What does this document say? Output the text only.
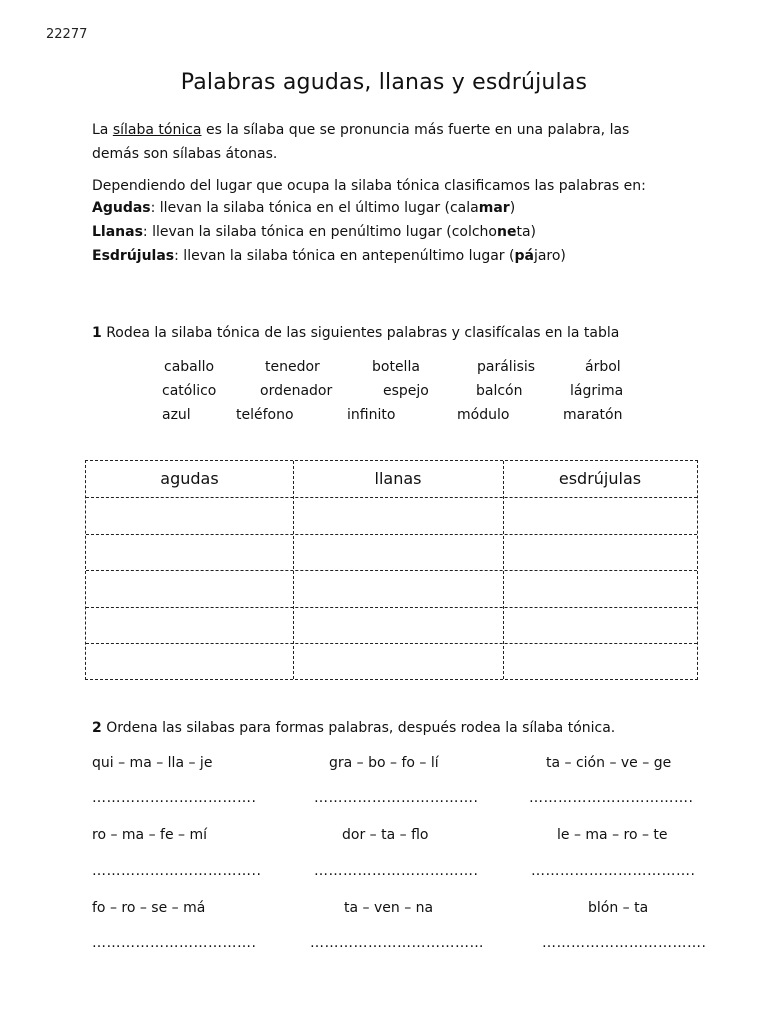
22277
Palabras agudas, llanas y esdrújulas
La sílaba tónica es la sílaba que se pronuncia más fuerte en una palabra, las
demás son sílabas átonas.
Dependiendo del lugar que ocupa la silaba tónica clasificamos las palabras en:
Agudas: llevan la silaba tónica en el último lugar (calamar)
Llanas: llevan la silaba tónica en penúltimo lugar (colchoneta)
Esdrújulas: llevan la silaba tónica en antepenúltimo lugar (pájaro)
1 Rodea la silaba tónica de las siguientes palabras y clasifícalas en la tabla
caballo	tenedor	botella	parálisis	árbol
católico	ordenador	espejo	balcón	lágrima
azul	teléfono	infinito	módulo	maratón
agudas	llanas	esdrújulas
2 Ordena las silabas para formas palabras, después rodea la sílaba tónica.
qui – ma – lla – je	gra – bo – fo – lí	ta – ción – ve – ge
…………………………….	…………………………….	…………………………….
ro – ma – fe – mí	dor – ta – flo	le – ma – ro – te
……………………………..	…………………………….	…………………………….
fo – ro – se – má	ta – ven – na	blón – ta
…………………………….	………………………………	…………………………….
